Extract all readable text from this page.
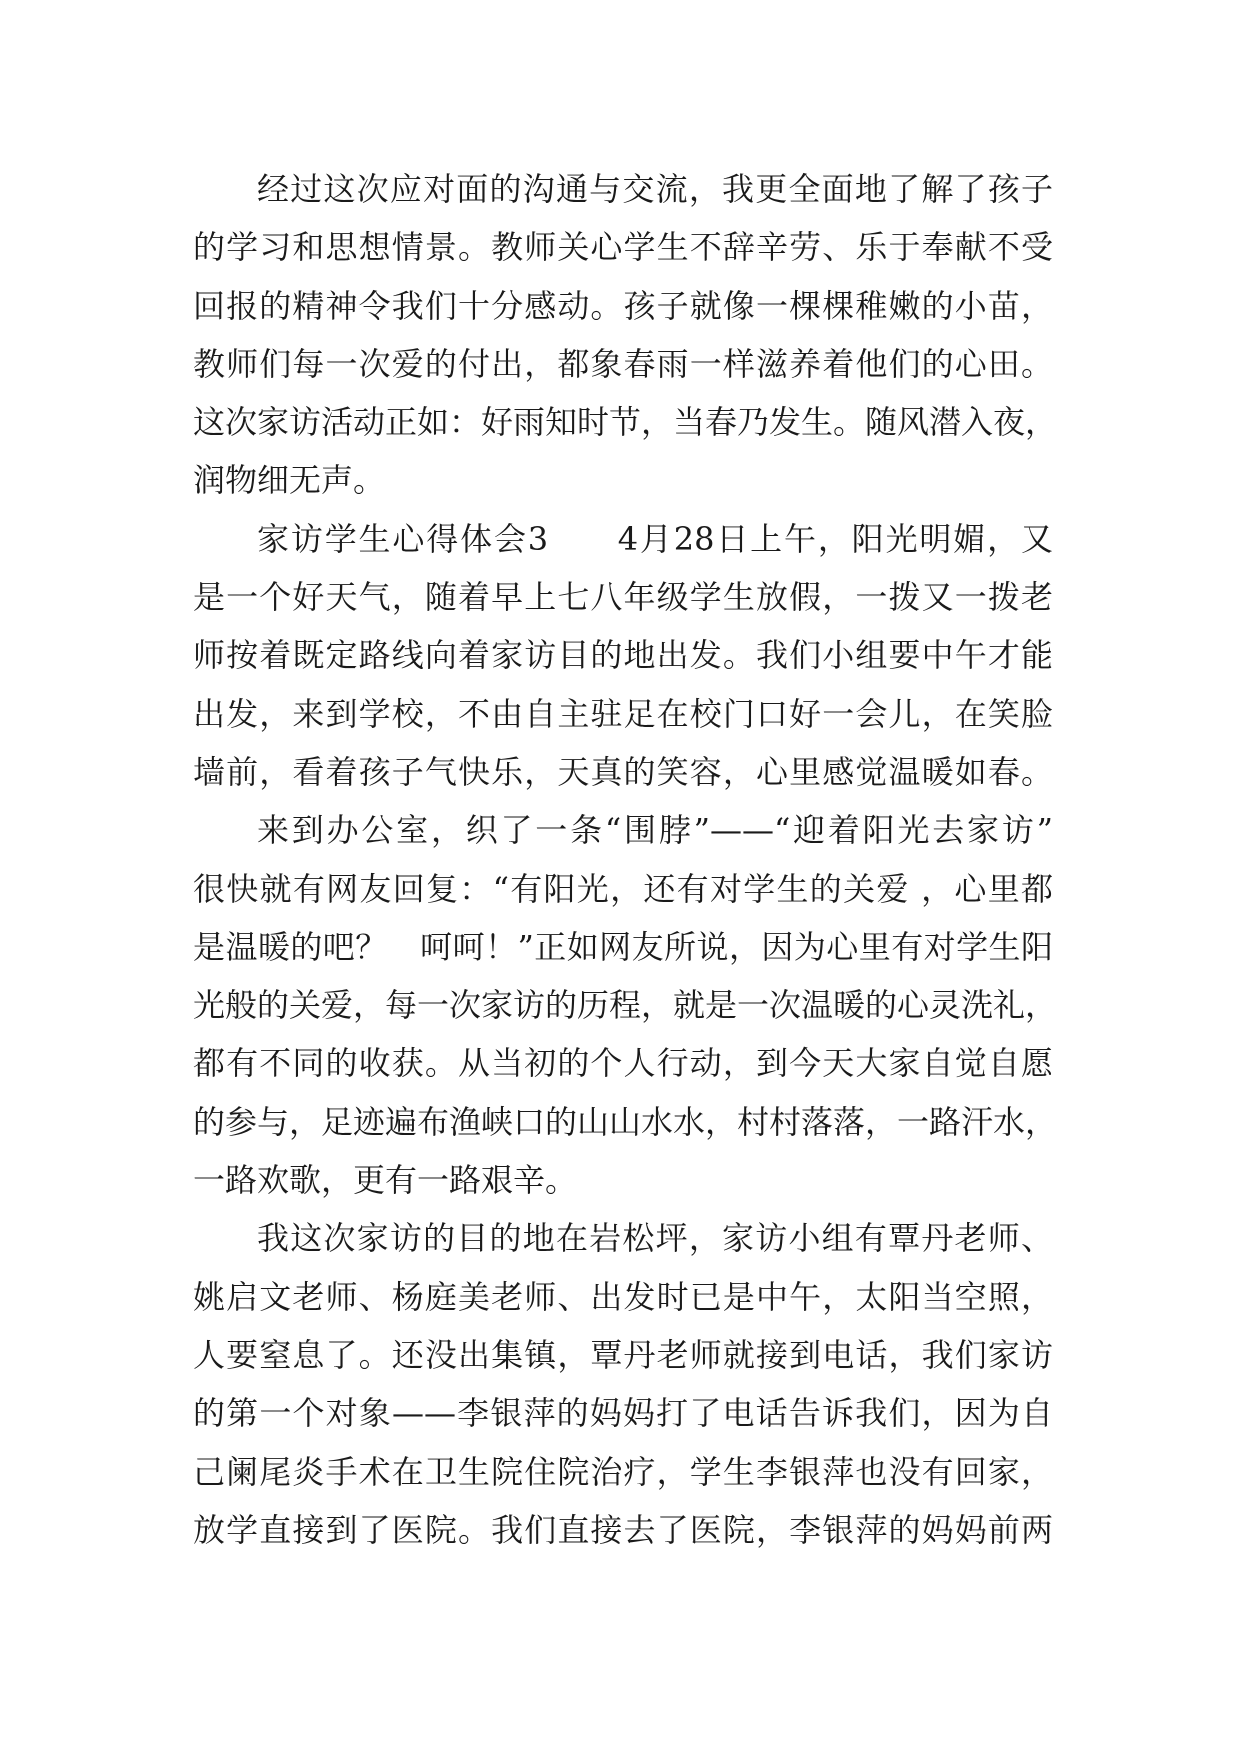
经过这次应对面的沟通与交流，我更全面地了解了孩子
的学习和思想情景。教师关心学生不辞辛劳、乐于奉献不受
回报的精神令我们十分感动。孩子就像一棵棵稚嫩的小苗，
教师们每一次爱的付出，都象春雨一样滋养着他们的心田。
这次家访活动正如：好雨知时节，当春乃发生。随风潜入夜，
润物细无声。
家访学生心得体会3　　4月28日上午，阳光明媚，又
是一个好天气，随着早上七八年级学生放假，一拨又一拨老
师按着既定路线向着家访目的地出发。我们小组要中午才能
出发，来到学校，不由自主驻足在校门口好一会儿，在笑脸
墙前，看着孩子气快乐，天真的笑容，心里感觉温暖如春。
来到办公室，织了一条“围脖”——“迎着阳光去家访”
很快就有网友回复：“有阳光，还有对学生的关爱 ，心里都
是温暖的吧？　呵呵！”正如网友所说，因为心里有对学生阳
光般的关爱，每一次家访的历程，就是一次温暖的心灵洗礼，
都有不同的收获。从当初的个人行动，到今天大家自觉自愿
的参与，足迹遍布渔峡口的山山水水，村村落落，一路汗水，
一路欢歌，更有一路艰辛。
我这次家访的目的地在岩松坪，家访小组有覃丹老师、
姚启文老师、杨庭美老师、出发时已是中午，太阳当空照，
人要窒息了。还没出集镇，覃丹老师就接到电话，我们家访
的第一个对象——李银萍的妈妈打了电话告诉我们，因为自
己阑尾炎手术在卫生院住院治疗，学生李银萍也没有回家，
放学直接到了医院。我们直接去了医院，李银萍的妈妈前两
